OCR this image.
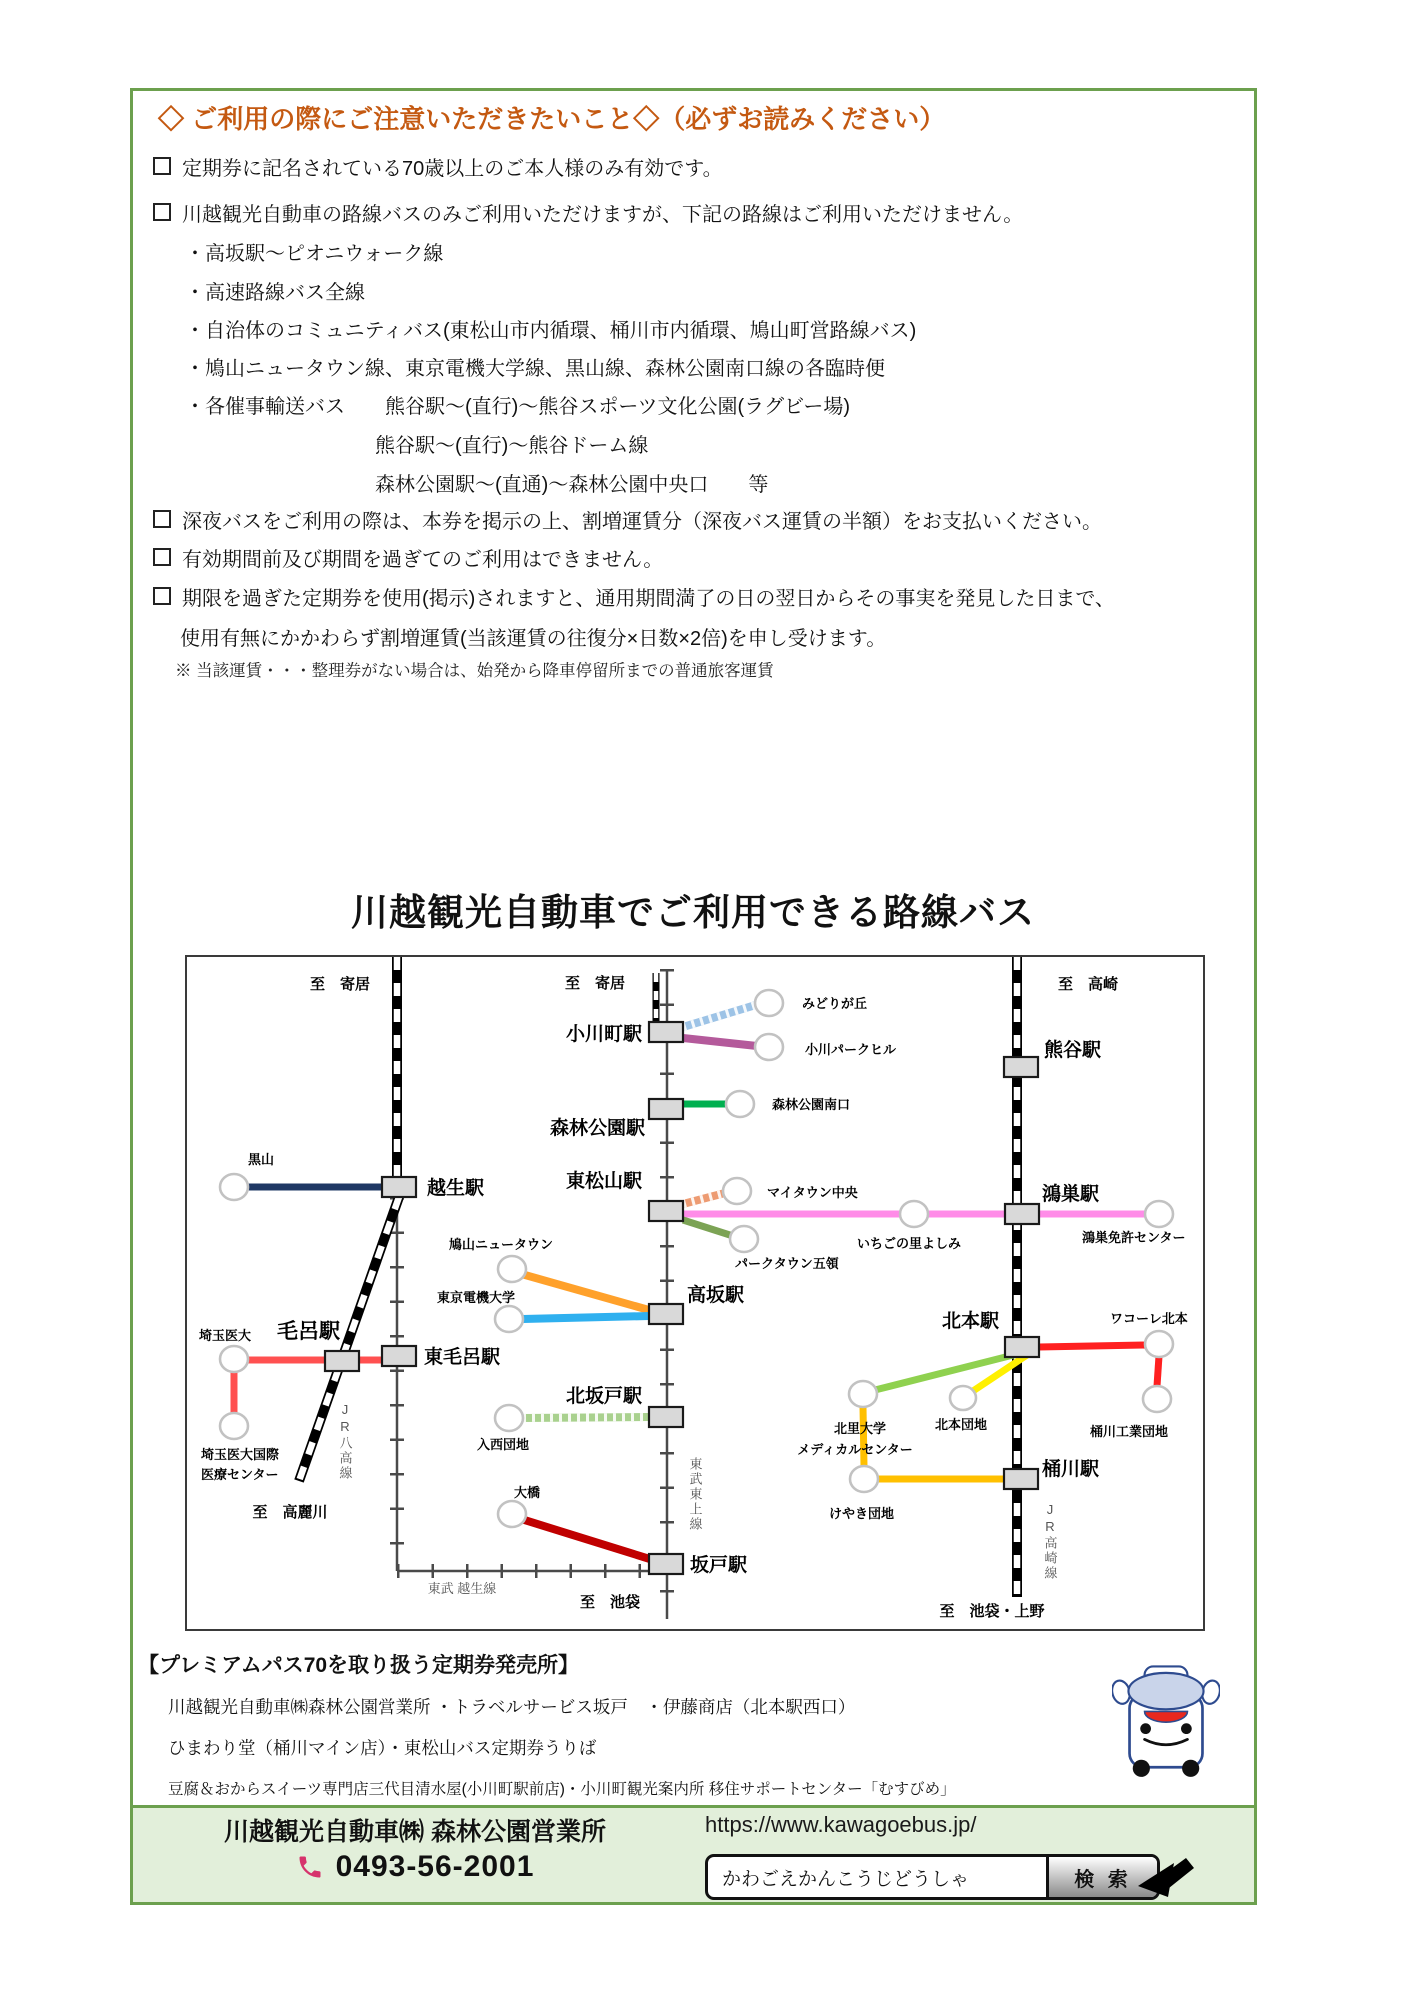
◇ ご利用の際にご注意いただきたいこと◇（必ずお読みください）
定期券に記名されている70歳以上のご本人様のみ有効です。
川越観光自動車の路線バスのみご利用いただけますが、下記の路線はご利用いただけません。
・高坂駅～ピオニウォーク線
・高速路線バス全線
・自治体のコミュニティバス(東松山市内循環、桶川市内循環、鳩山町営路線バス)
・鳩山ニュータウン線、東京電機大学線、黒山線、森林公園南口線の各臨時便
・各催事輸送バス　　熊谷駅～(直行)～熊谷スポーツ文化公園(ラグビー場)
熊谷駅～(直行)～熊谷ドーム線
森林公園駅～(直通)～森林公園中央口　　等
深夜バスをご利用の際は、本券を掲示の上、割増運賃分（深夜バス運賃の半額）をお支払いください。
有効期間前及び期間を過ぎてのご利用はできません。
期限を過ぎた定期券を使用(掲示)されますと、通用期間満了の日の翌日からその事実を発見した日まで、
使用有無にかかわらず割増運賃(当該運賃の往復分×日数×2倍)を申し受けます。
※ 当該運賃・・・整理券がない場合は、始発から降車停留所までの普通旅客運賃
川越観光自動車でご利用できる路線バス
至　寄居	至　寄居	至　高崎
至　高麗川
至　池袋
至　池袋・上野
JR八高線
東武東上線
JR高崎線
東武 越生線
越生駅
毛呂駅
東毛呂駅
小川町駅
森林公園駅
東松山駅
高坂駅
北坂戸駅
坂戸駅
熊谷駅
鴻巣駅
北本駅
桶川駅
黒山
埼玉医大
埼玉医大国際
医療センター
みどりが丘
小川パークヒル
森林公園南口
マイタウン中央
いちごの里よしみ
パークタウン五領
鳩山ニュータウン
東京電機大学
入西団地
大橋
鴻巣免許センター
ワコーレ北本
桶川工業団地
北里大学
メディカルセンター
北本団地
けやき団地
【プレミアムパス70を取り扱う定期券発売所】
川越観光自動車㈱森林公園営業所 ・トラベルサービス坂戸　・伊藤商店（北本駅西口）
ひまわり堂（桶川マイン店）・東松山バス定期券うりば
豆腐＆おからスイーツ専門店三代目清水屋(小川町駅前店)・小川町観光案内所 移住サポートセンター「むすびめ」
川越観光自動車㈱ 森林公園営業所
0493-56-2001
https://www.kawagoebus.jp/
かわごえかんこうじどうしゃ	検 索
